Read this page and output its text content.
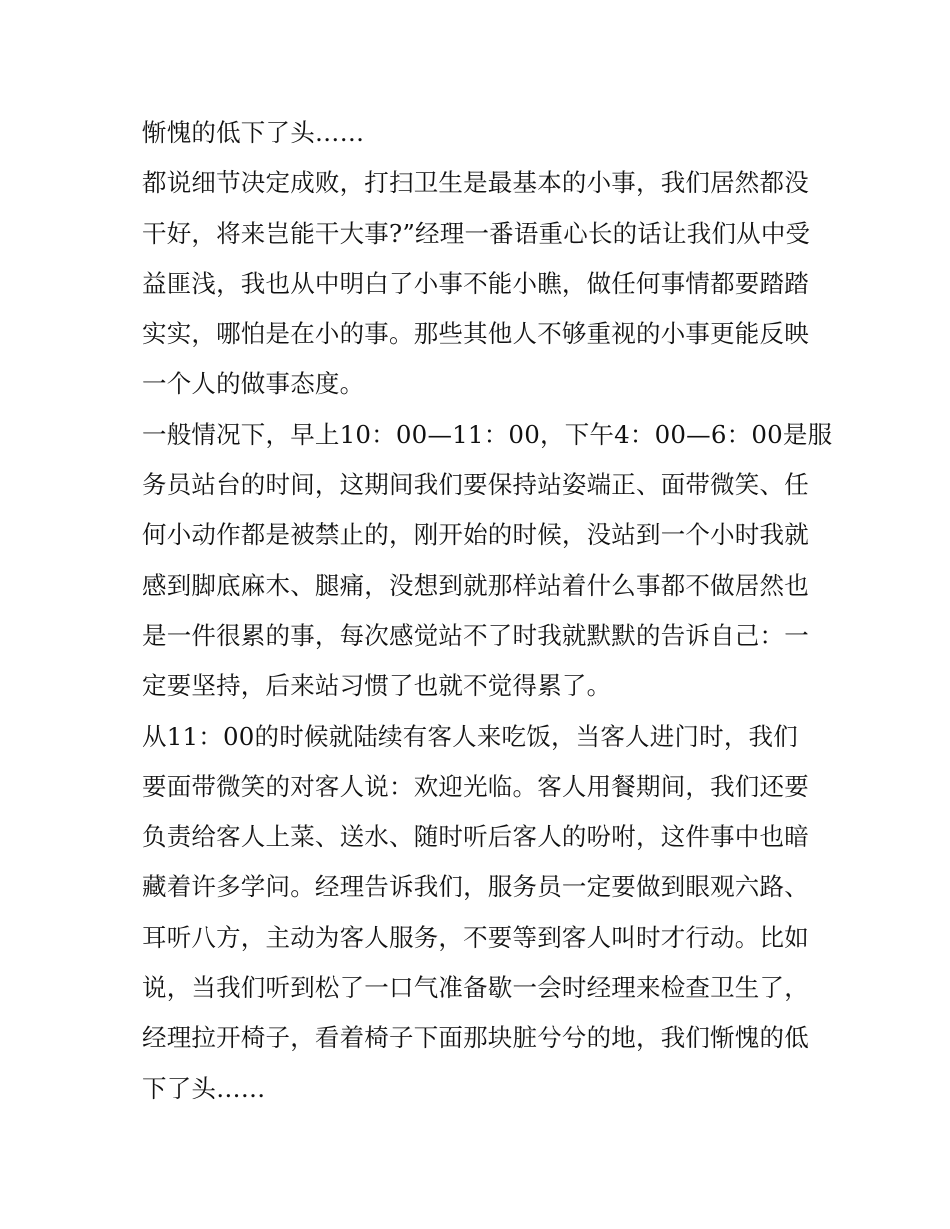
惭愧的低下了头……
都说细节决定成败，打扫卫生是最基本的小事，我们居然都没
干好，将来岂能干大事?”经理一番语重心长的话让我们从中受
益匪浅，我也从中明白了小事不能小瞧，做任何事情都要踏踏
实实，哪怕是在小的事。那些其他人不够重视的小事更能反映
一个人的做事态度。
一般情况下，早上10：00—11：00，下午4：00—6：00是服
务员站台的时间，这期间我们要保持站姿端正、面带微笑、任
何小动作都是被禁止的，刚开始的时候，没站到一个小时我就
感到脚底麻木、腿痛，没想到就那样站着什么事都不做居然也
是一件很累的事，每次感觉站不了时我就默默的告诉自己：一
定要坚持，后来站习惯了也就不觉得累了。
从11：00的时候就陆续有客人来吃饭，当客人进门时，我们
要面带微笑的对客人说：欢迎光临。客人用餐期间，我们还要
负责给客人上菜、送水、随时听后客人的吩咐，这件事中也暗
藏着许多学问。经理告诉我们，服务员一定要做到眼观六路、
耳听八方，主动为客人服务，不要等到客人叫时才行动。比如
说，当我们听到松了一口气准备歇一会时经理来检查卫生了，
经理拉开椅子，看着椅子下面那块脏兮兮的地，我们惭愧的低
下了头……
